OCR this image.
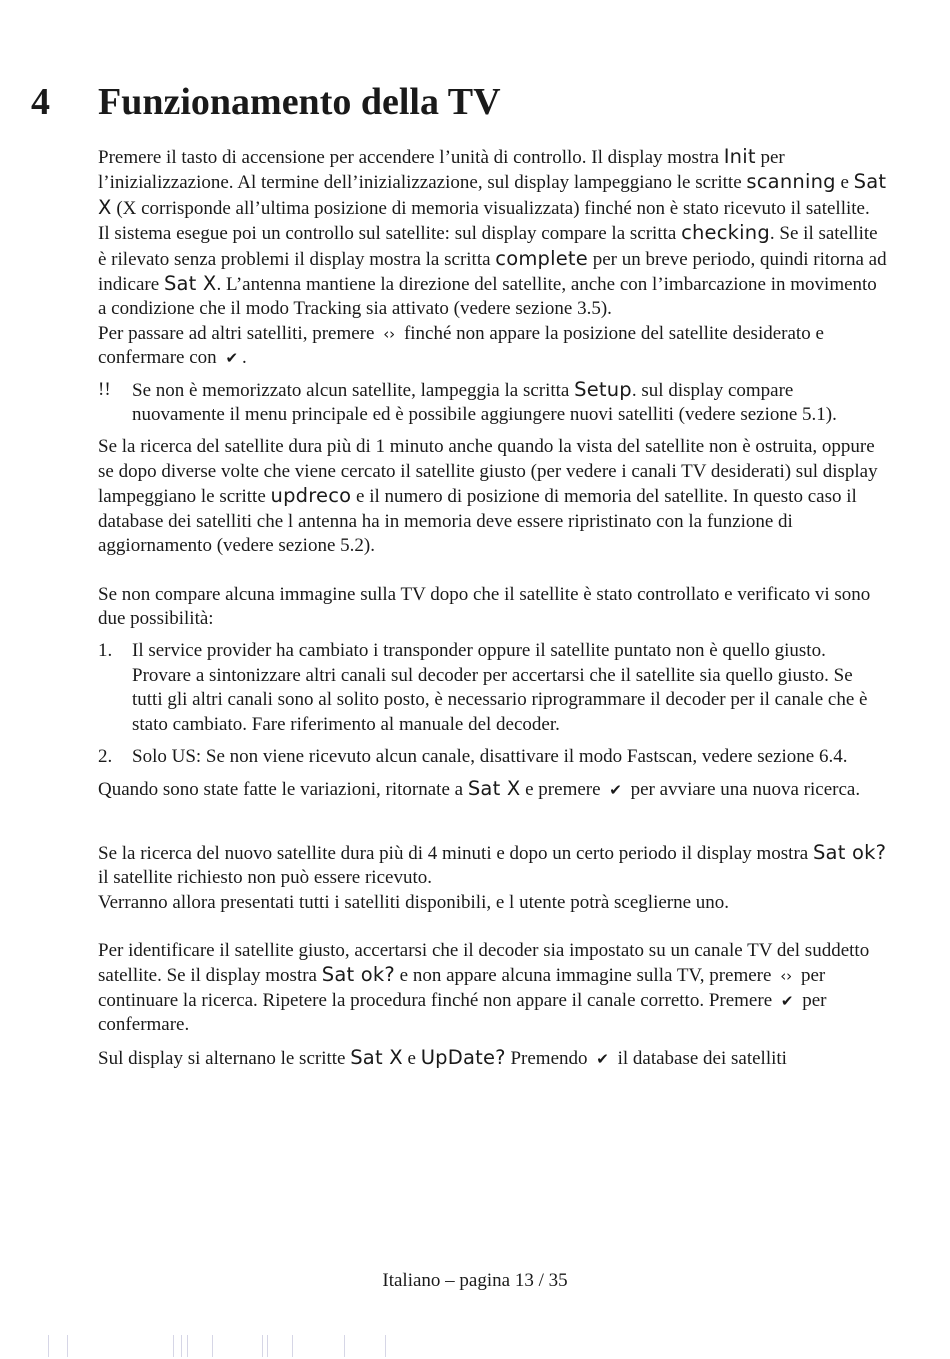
4 Funzionamento della TV

Premere il tasto di accensione per accendere l’unità di controllo. Il display mostra Init per l’inizializzazione. Al termine dell’inizializzazione, sul display lampeggiano le scritte scanning e Sat X (X corrisponde all’ultima posizione di memoria visualizzata) finché non è stato ricevuto il satellite.

Il sistema esegue poi un controllo sul satellite: sul display compare la scritta checking. Se il satellite è rilevato senza problemi il display mostra la scritta complete per un breve periodo, quindi ritorna ad indicare Sat X. L’antenna mantiene la direzione del satellite, anche con l’imbarcazione in movimento a condizione che il modo Tracking sia attivato (vedere sezione 3.5).

Per passare ad altri satelliti, premere ‹› finché non appare la posizione del satellite desiderato e confermare con ✔ .

!! Se non è memorizzato alcun satellite, lampeggia la scritta Setup. sul display compare nuovamente il menu principale ed è possibile aggiungere nuovi satelliti (vedere sezione 5.1).

Se la ricerca del satellite dura più di 1 minuto anche quando la vista del satellite non è ostruita, oppure se dopo diverse volte che viene cercato il satellite giusto (per vedere i canali TV desiderati) sul display lampeggiano le scritte updreco e il numero di posizione di memoria del satellite. In questo caso il database dei satelliti che l antenna ha in memoria deve essere ripristinato con la funzione di aggiornamento (vedere sezione 5.2).

Se non compare alcuna immagine sulla TV dopo che il satellite è stato controllato e verificato vi sono due possibilità:

1. Il service provider ha cambiato i transponder oppure il satellite puntato non è quello giusto.

Provare a sintonizzare altri canali sul decoder per accertarsi che il satellite sia quello giusto. Se tutti gli altri canali sono al solito posto, è necessario riprogrammare il decoder per il canale che è stato cambiato. Fare riferimento al manuale del decoder.

2. Solo US: Se non viene ricevuto alcun canale, disattivare il modo Fastscan, vedere sezione 6.4.

Quando sono state fatte le variazioni, ritornate a Sat X e premere ✔ per avviare una nuova ricerca.

Se la ricerca del nuovo satellite dura più di 4 minuti e dopo un certo periodo il display mostra Sat ok? il satellite richiesto non può essere ricevuto.

Verranno allora presentati tutti i satelliti disponibili, e l utente potrà sceglierne uno.

Per identificare il satellite giusto, accertarsi che il decoder sia impostato su un canale TV del suddetto satellite. Se il display mostra Sat ok? e non appare alcuna immagine sulla TV, premere ‹› per continuare la ricerca. Ripetere la procedura finché non appare il canale corretto. Premere ✔ per confermare.

Sul display si alternano le scritte Sat X e UpDate? Premendo ✔ il database dei satelliti

Italiano – pagina 13 / 35
